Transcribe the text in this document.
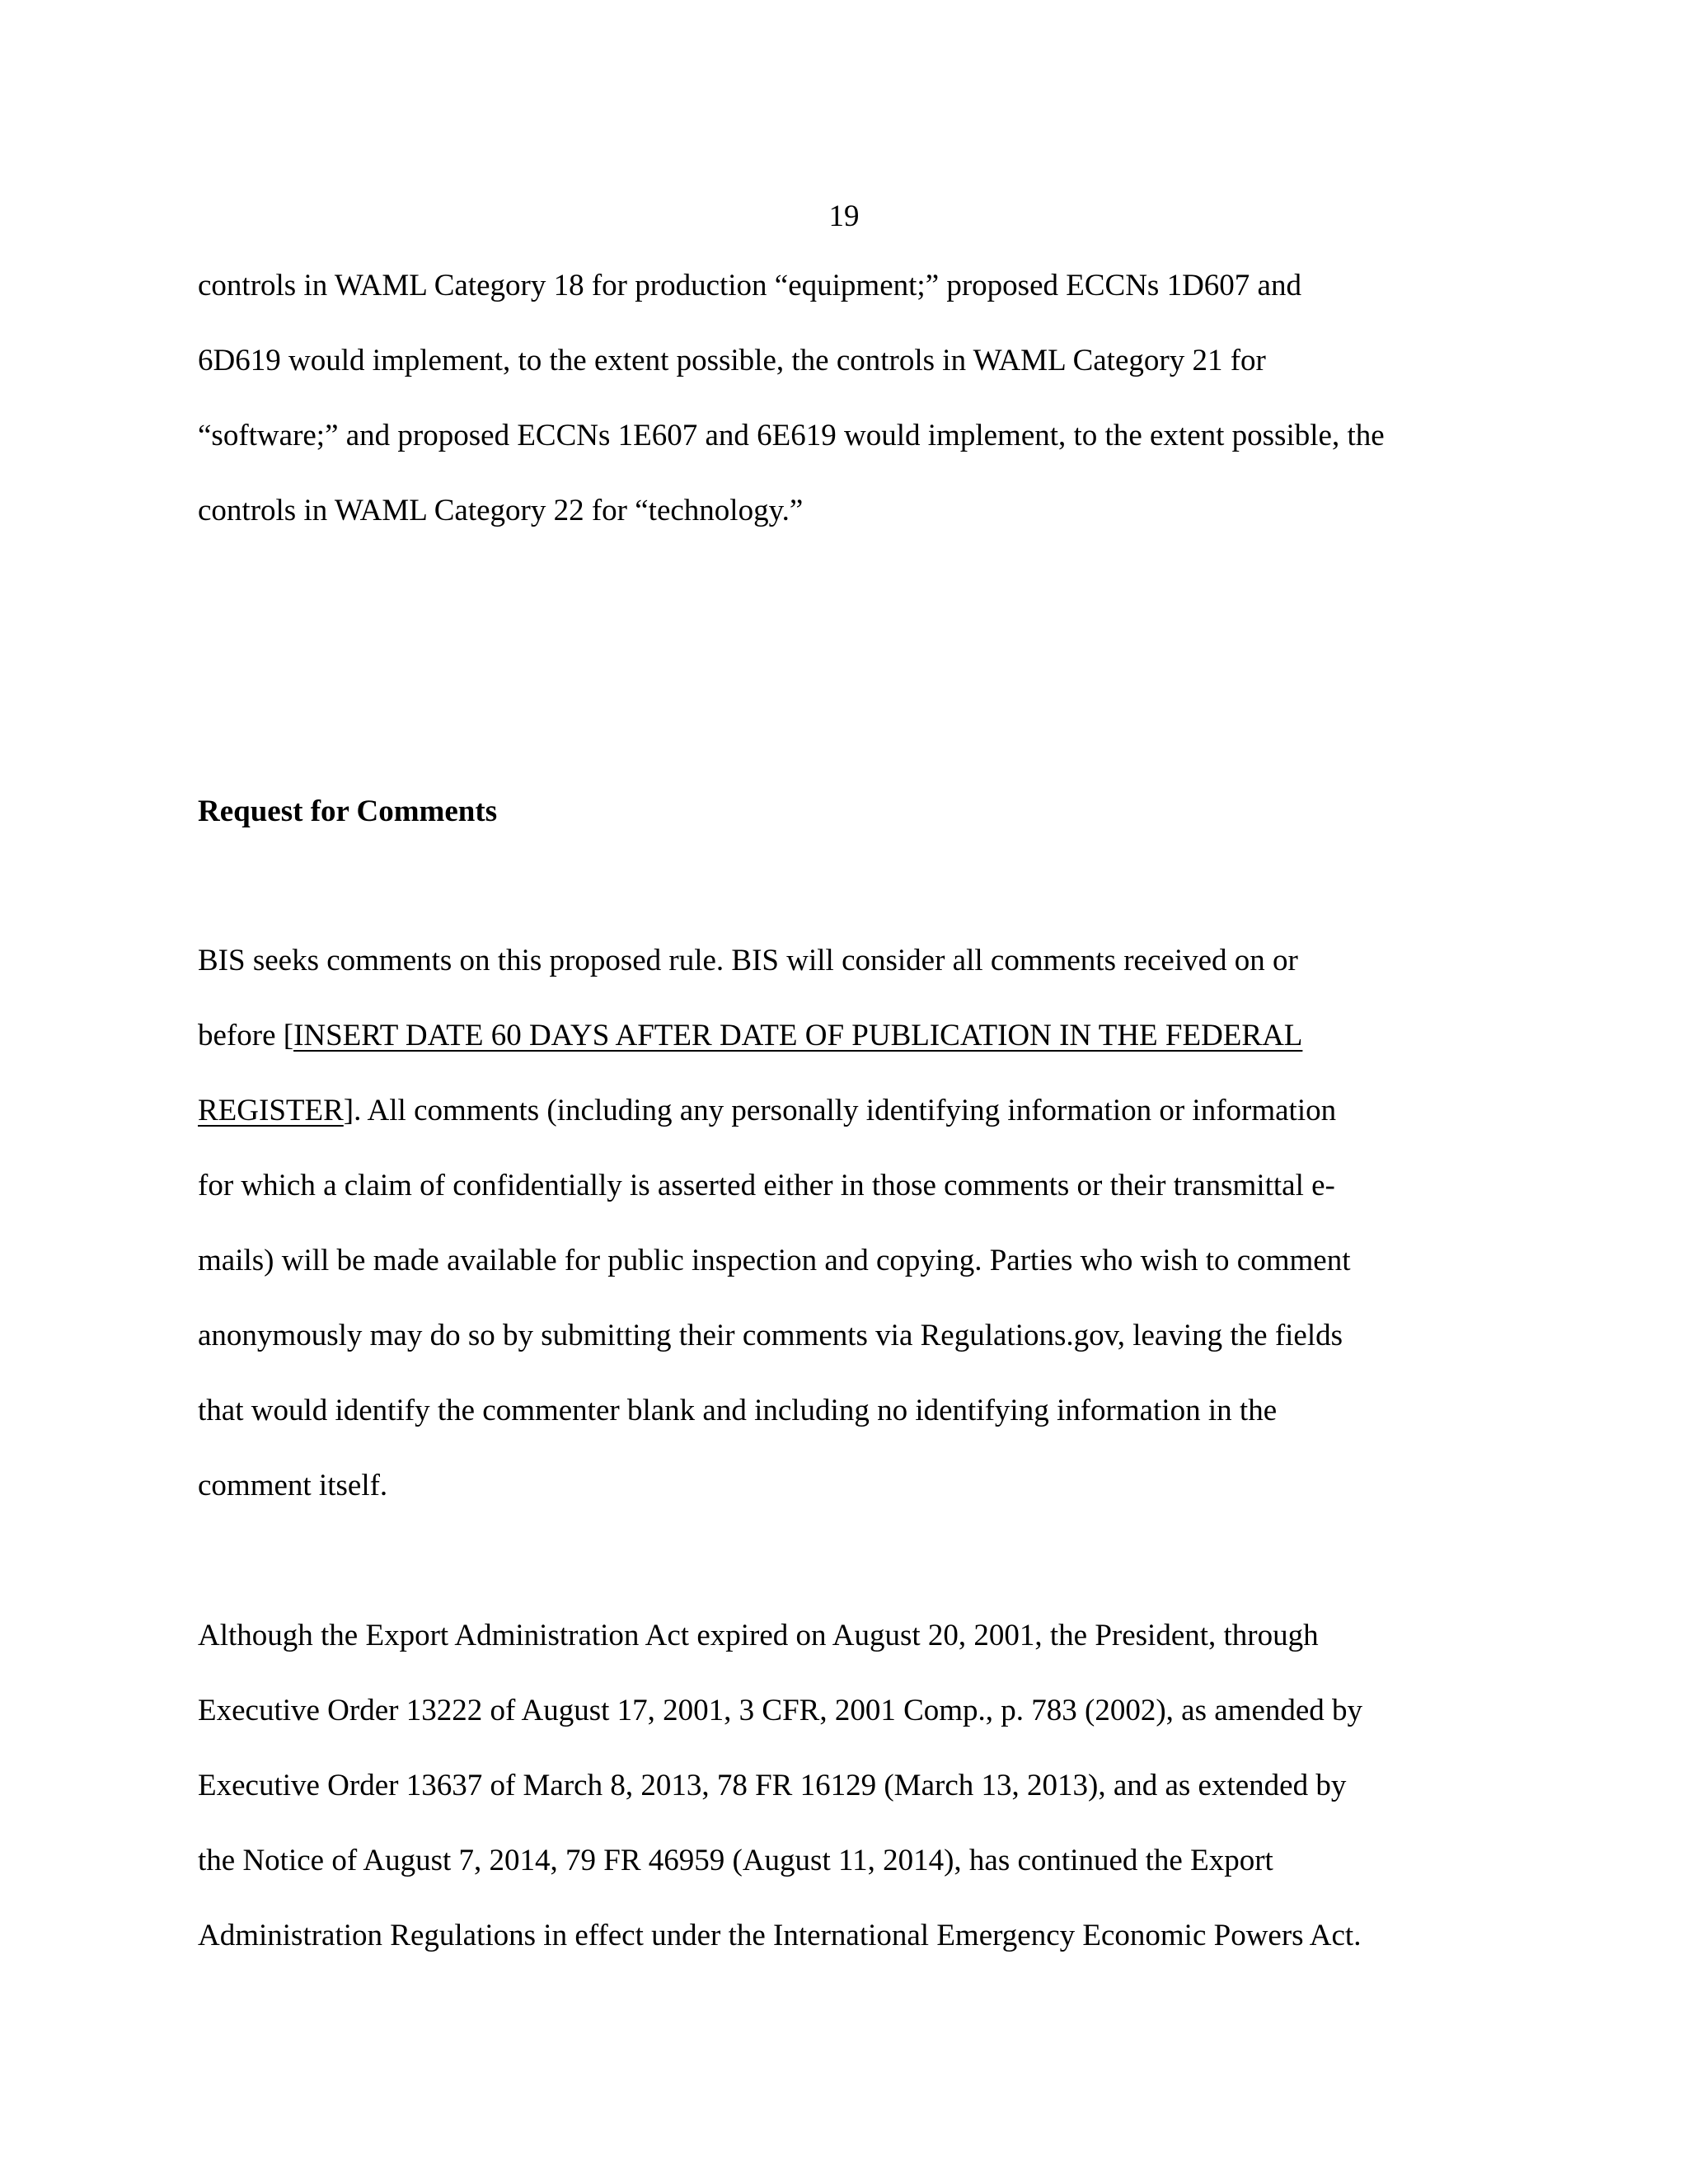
19
controls in WAML Category 18 for production “equipment;” proposed ECCNs 1D607 and
6D619 would implement, to the extent possible, the controls in WAML Category 21 for
“software;” and proposed ECCNs 1E607 and 6E619 would implement, to the extent possible, the
controls in WAML Category 22 for “technology.”
Request for Comments
BIS seeks comments on this proposed rule. BIS will consider all comments received on or
before [INSERT DATE 60 DAYS AFTER DATE OF PUBLICATION IN THE FEDERAL
REGISTER]. All comments (including any personally identifying information or information
for which a claim of confidentially is asserted either in those comments or their transmittal e-
mails) will be made available for public inspection and copying. Parties who wish to comment
anonymously may do so by submitting their comments via Regulations.gov, leaving the fields
that would identify the commenter blank and including no identifying information in the
comment itself.
Although the Export Administration Act expired on August 20, 2001, the President, through
Executive Order 13222 of August 17, 2001, 3 CFR, 2001 Comp., p. 783 (2002), as amended by
Executive Order 13637 of March 8, 2013, 78 FR 16129 (March 13, 2013), and as extended by
the Notice of August 7, 2014, 79 FR 46959 (August 11, 2014), has continued the Export
Administration Regulations in effect under the International Emergency Economic Powers Act.
